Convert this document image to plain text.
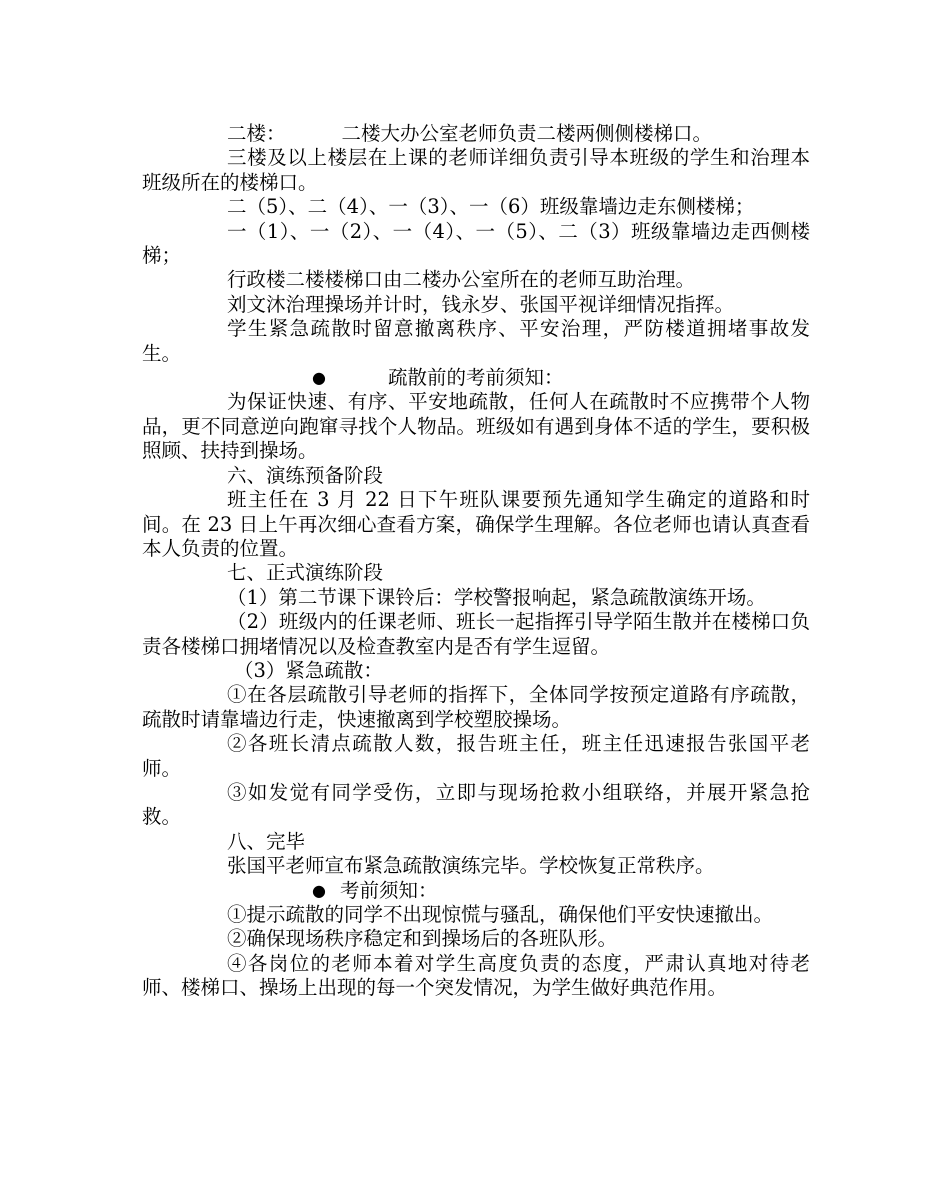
二楼：	二楼大办公室老师负责二楼两侧侧楼梯口。

三楼及以上楼层在上课的老师详细负责引导本班级的学生和治理本班级所在的楼梯口。

二（5）、二（4）、一（3）、一（6）班级靠墙边走东侧楼梯；

一（1）、一（2）、一（4）、一（5）、二（3）班级靠墙边走西侧楼梯；

行政楼二楼楼梯口由二楼办公室所在的老师互助治理。

刘文沐治理操场并计时，钱永岁、张国平视详细情况指挥。

学生紧急疏散时留意撤离秩序、平安治理，严防楼道拥堵事故发生。

●	疏散前的考前须知：

为保证快速、有序、平安地疏散，任何人在疏散时不应携带个人物品，更不同意逆向跑窜寻找个人物品。班级如有遇到身体不适的学生，要积极照顾、扶持到操场。

六、演练预备阶段

班主任在 3 月 22 日下午班队课要预先通知学生确定的道路和时间。在 23 日上午再次细心查看方案，确保学生理解。各位老师也请认真查看本人负责的位置。

七、正式演练阶段

（1）第二节课下课铃后：学校警报响起，紧急疏散演练开场。

（2）班级内的任课老师、班长一起指挥引导学陌生散并在楼梯口负责各楼梯口拥堵情况以及检查教室内是否有学生逗留。

（3）紧急疏散：

①在各层疏散引导老师的指挥下，全体同学按预定道路有序疏散，疏散时请靠墙边行走，快速撤离到学校塑胶操场。

②各班长清点疏散人数，报告班主任，班主任迅速报告张国平老师。

③如发觉有同学受伤，立即与现场抢救小组联络，并展开紧急抢救。

八、完毕

张国平老师宣布紧急疏散演练完毕。学校恢复正常秩序。

● 考前须知：

①提示疏散的同学不出现惊慌与骚乱，确保他们平安快速撤出。

②确保现场秩序稳定和到操场后的各班队形。

④各岗位的老师本着对学生高度负责的态度，严肃认真地对待老师、楼梯口、操场上出现的每一个突发情况，为学生做好典范作用。
